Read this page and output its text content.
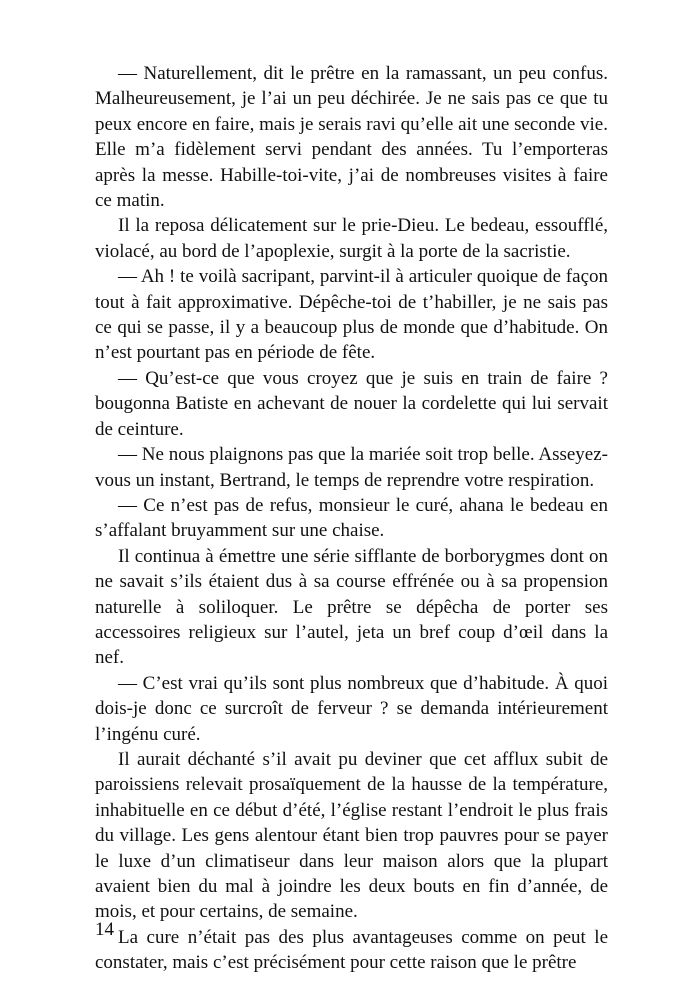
— Naturellement, dit le prêtre en la ramassant, un peu confus. Malheureusement, je l’ai un peu déchirée. Je ne sais pas ce que tu peux encore en faire, mais je serais ravi qu’elle ait une seconde vie. Elle m’a fidèlement servi pendant des années. Tu l’emporteras après la messe. Habille-toi-vite, j’ai de nombreuses visites à faire ce matin.

Il la reposa délicatement sur le prie-Dieu. Le bedeau, essoufflé, violacé, au bord de l’apoplexie, surgit à la porte de la sacristie.

— Ah ! te voilà sacripant, parvint-il à articuler quoique de façon tout à fait approximative. Dépêche-toi de t’habiller, je ne sais pas ce qui se passe, il y a beaucoup plus de monde que d’habitude. On n’est pourtant pas en période de fête.

— Qu’est-ce que vous croyez que je suis en train de faire ? bougonna Batiste en achevant de nouer la cordelette qui lui servait de ceinture.

— Ne nous plaignons pas que la mariée soit trop belle. Asseyez-vous un instant, Bertrand, le temps de reprendre votre respiration.

— Ce n’est pas de refus, monsieur le curé, ahana le bedeau en s’affalant bruyamment sur une chaise.

Il continua à émettre une série sifflante de borborygmes dont on ne savait s’ils étaient dus à sa course effrénée ou à sa propension naturelle à soliloquer. Le prêtre se dépêcha de porter ses accessoires religieux sur l’autel, jeta un bref coup d’œil dans la nef.

— C’est vrai qu’ils sont plus nombreux que d’habitude. À quoi dois-je donc ce surcroît de ferveur ? se demanda intérieurement l’ingénu curé.

Il aurait déchanté s’il avait pu deviner que cet afflux subit de paroissiens relevait prosaïquement de la hausse de la température, inhabituelle en ce début d’été, l’église restant l’endroit le plus frais du village. Les gens alentour étant bien trop pauvres pour se payer le luxe d’un climatiseur dans leur maison alors que la plupart avaient bien du mal à joindre les deux bouts en fin d’année, de mois, et pour certains, de semaine.

La cure n’était pas des plus avantageuses comme on peut le constater, mais c’est précisément pour cette raison que le prêtre

14
